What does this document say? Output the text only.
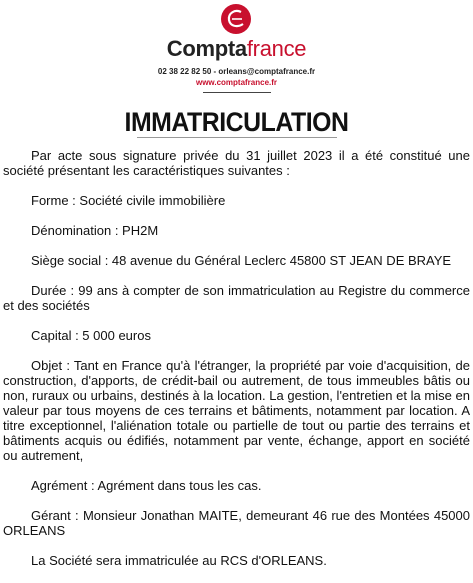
Comptafrance
02 38 22 82 50 - orleans@comptafrance.fr
www.comptafrance.fr
IMMATRICULATION

Par acte sous signature privée du 31 juillet 2023 il a été constitué une société présentant les caractéristiques suivantes :

Forme : Société civile immobilière

Dénomination : PH2M

Siège social : 48 avenue du Général Leclerc 45800 ST JEAN DE BRAYE

Durée : 99 ans à compter de son immatriculation au Registre du commerce et des sociétés

Capital : 5 000 euros

Objet : Tant en France qu'à l'étranger, la propriété par voie d'acquisition, de construction, d'apports, de crédit-bail ou autrement, de tous immeubles bâtis ou non, ruraux ou urbains, destinés à la location. La gestion, l'entretien et la mise en valeur par tous moyens de ces terrains et bâtiments, notamment par location. A titre exceptionnel, l'aliénation totale ou partielle de tout ou partie des terrains et bâtiments acquis ou édifiés, notamment par vente, échange, apport en société ou autrement,

Agrément : Agrément dans tous les cas.

Gérant : Monsieur Jonathan MAITE, demeurant 46 rue des Montées 45000 ORLEANS

La Société sera immatriculée au RCS d'ORLEANS.
